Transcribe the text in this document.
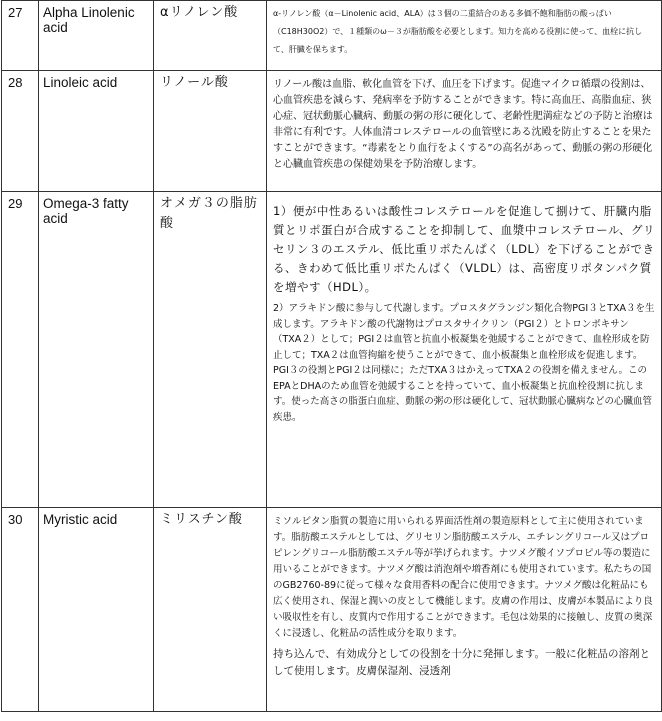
27	Alpha Linolenic acid	αリノレン酸	α-リノレン酸（α－Linolenic acid、ALA）は３個の二重結合のある多価不飽和脂肪の酸っぱい（C18H30O2）で、１種類のω－３が脂肪酸を必要とします。知力を高める役割に使って、血栓に抗して、肝臓を保ちます。

28	Linoleic acid	リノール酸	リノール酸は血脂、軟化血管を下げ、血圧を下げます。促進マイクロ循環の役割は、心血管疾患を減らす、発病率を予防することができます。特に高血圧、高脂血症、狭心症、冠状動脈心臓病、動脈の粥の形に硬化して、老齢性肥満症などの予防と治療は非常に有利です。人体血清コレステロールの血管壁にある沈殿を防止することを果たすことができます。“毒素をとり血行をよくする”の高名があって、動脈の粥の形硬化と心臓血管疾患の保健効果を予防治療します。

29	Omega-3 fatty acid	オメガ３の脂肪酸	1）便が中性あるいは酸性コレステロールを促進して捌けて、肝臓内脂質とリポ蛋白が合成することを抑制して、血漿中コレステロール、グリセリン３のエステル、低比重リポたんぱく（LDL）を下げることができる、きわめて低比重リポたんぱく（VLDL）は、高密度リポタンパク質を増やす（HDL）。

2）アラキドン酸に参与して代謝します。プロスタグランジン類化合物PGI３とTXA３を生成します。アラキドン酸の代謝物はプロスタサイクリン（PGI２）とトロンボキサン（TXA２）として；PGI２は血管と抗血小板凝集を弛緩することができて、血栓形成を防止して；TXA２は血管拘縮を使うことができて、血小板凝集と血栓形成を促進します。PGI３の役割とPGI２は同様に；ただTXA３はかえってTXA２の役割を備えません。このEPAとDHAのため血管を弛緩することを持っていて、血小板凝集と抗血栓役割に抗します。使った高さの脂蛋白血症、動脈の粥の形は硬化して、冠状動脈心臓病などの心臓血管疾患。

30	Myristic acid	ミリスチン酸	ミソルビタン脂質の製造に用いられる界面活性剤の製造原料として主に使用されています。脂肪酸エステルとしては、グリセリン脂肪酸エステル、エチレングリコール又はプロピレングリコール脂肪酸エステル等が挙げられます。ナツメグ酸イソプロピル等の製造に用いることができます。ナツメグ酸は消泡剤や増香剤にも使用されています。私たちの国のGB2760-89に従って様々な食用香料の配合に使用できます。ナツメグ酸は化粧品にも広く使用され、保湿と潤いの皮として機能します。皮膚の作用は、皮膚が本製品により良い吸収性を有し、皮質内で作用することができます。毛包は効果的に接触し、皮質の奥深くに浸透し、化粧品の活性成分を取ります。

持ち込んで、有効成分としての役割を十分に発揮します。一般に化粧品の溶剤として使用します。皮膚保湿剤、浸透剤
